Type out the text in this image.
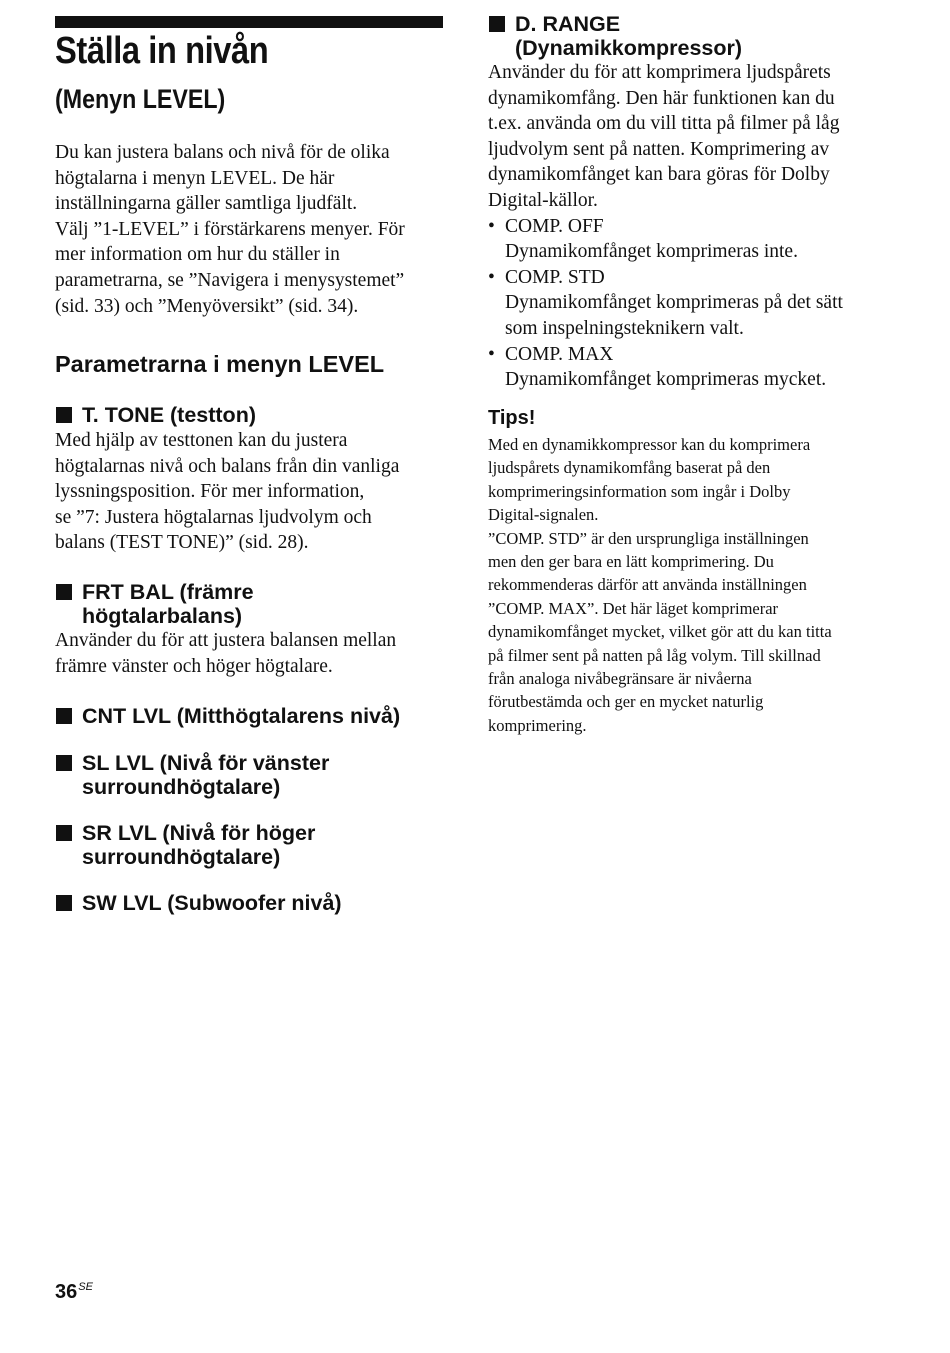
Ställa in nivån
(Menyn LEVEL)
Du kan justera balans och nivå för de olika
högtalarna i menyn LEVEL. De här
inställningarna gäller samtliga ljudfält.
Välj ”1-LEVEL” i förstärkarens menyer. För
mer information om hur du ställer in
parametrarna, se ”Navigera i menysystemet”
(sid. 33) och ”Menyöversikt” (sid. 34).
Parametrarna i menyn LEVEL
T. TONE (testton)
Med hjälp av testtonen kan du justera
högtalarnas nivå och balans från din vanliga
lyssningsposition. För mer information,
se ”7: Justera högtalarnas ljudvolym och
balans (TEST TONE)” (sid. 28).
FRT BAL (främre
högtalarbalans)
Använder du för att justera balansen mellan
främre vänster och höger högtalare.
CNT LVL (Mitthögtalarens nivå)
SL LVL (Nivå för vänster
surroundhögtalare)
SR LVL (Nivå för höger
surroundhögtalare)
SW LVL (Subwoofer nivå)
D. RANGE
(Dynamikkompressor)
Använder du för att komprimera ljudspårets
dynamikomfång. Den här funktionen kan du
t.ex. använda om du vill titta på filmer på låg
ljudvolym sent på natten. Komprimering av
dynamikomfånget kan bara göras för Dolby
Digital-källor.
• COMP. OFF
Dynamikomfånget komprimeras inte.
• COMP. STD
Dynamikomfånget komprimeras på det sätt
som inspelningsteknikern valt.
• COMP. MAX
Dynamikomfånget komprimeras mycket.
Tips!
Med en dynamikkompressor kan du komprimera
ljudspårets dynamikomfång baserat på den
komprimeringsinformation som ingår i Dolby
Digital-signalen.
”COMP. STD” är den ursprungliga inställningen
men den ger bara en lätt komprimering. Du
rekommenderas därför att använda inställningen
”COMP. MAX”. Det här läget komprimerar
dynamikomfånget mycket, vilket gör att du kan titta
på filmer sent på natten på låg volym. Till skillnad
från analoga nivåbegränsare är nivåerna
förutbestämda och ger en mycket naturlig
komprimering.
$36^{SE}$
